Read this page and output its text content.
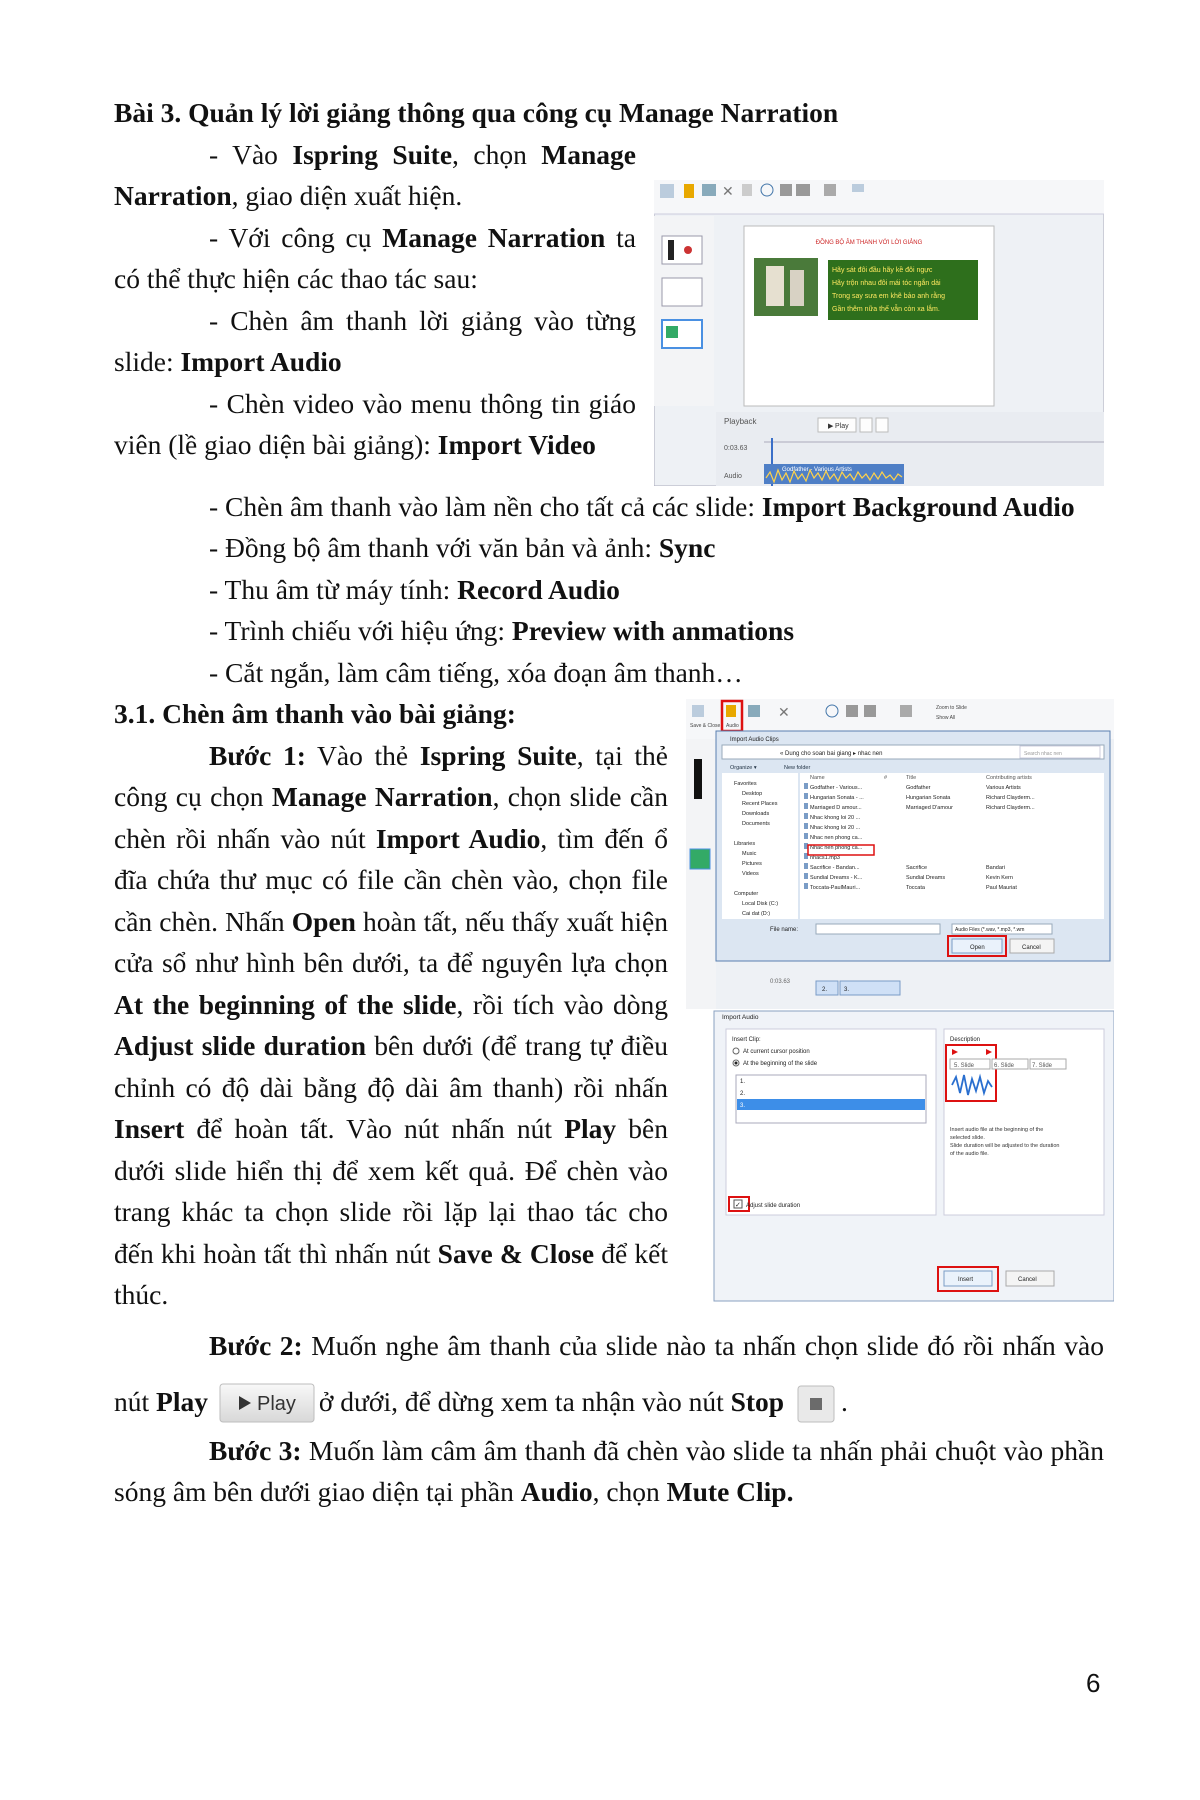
Bài 3. Quản lý lời giảng thông qua công cụ Manage Narration

✕
ĐỒNG BỘ ÂM THANH VỚI LỜI GIẢNG
Hãy sát đôi đầu hãy kề đôi ngực
Hãy trộn nhau đôi mái tóc ngắn dài
Trong say sưa em khẽ bảo anh rằng
Gần thêm nữa thế vẫn còn xa lắm.
Playback
▶ Play
0:03.63
Audio
Godfather - Various Artists

- Vào Ispring Suite, chọn Manage Narration, giao diện xuất hiện.

- Với công cụ Manage Narration ta có thể thực hiện các thao tác sau:

- Chèn âm thanh lời giảng vào từng slide: Import Audio

- Chèn video vào menu thông tin giáo viên (lề giao diện bài giảng): Import Video

- Chèn âm thanh vào làm nền cho tất cả các slide: Import Background Audio

- Đồng bộ âm thanh với văn bản và ảnh: Sync

- Thu âm từ máy tính: Record Audio

- Trình chiếu với hiệu ứng: Preview with anmations

- Cắt ngắn, làm câm tiếng, xóa đoạn âm thanh…

Audio
Save & Close
✕	Zoom to Slide
Show All
Import Audio Clips
« Dung cho soan bai giang ▸ nhac nen	Search nhac nen
Organize ▾	New folder
Favorites
Desktop
Recent Places
Downloads
Documents
Libraries
Music
Pictures
Videos
Computer
Local Disk (C:)
Cai dat (D:)
Name	#	Title	Contributing artists
Godfather - Various...	Godfather	Various Artists
Hungarian Sonata - ...	Hungarian Sonata	Richard Clayderm...
Marriaged D amour...	Marriaged D'amour	Richard Clayderm...
Nhac khong loi 20 ...
Nhac khong loi 20 ...
Nhac nen phong ca...
Nhac nen phong ca...
nhacs1.mp3
Sacrifice - Bandan...	Sacrifice	Bandari
Sundial Dreams - K...	Sundial Dreams	Kevin Kern
Toccata-PaulMauri...	Toccata	Paul Mauriat
File name:	Audio Files (*.wav, *.mp3, *.wm
Open	Cancel
0:03.63
2.	3.
Import Audio
Insert Clip:
At current cursor position
At the beginning of the slide
1.
2.
3.
Description
5. Slide	6. Slide	7. Slide
Insert audio file at the beginning of the
selected slide.
Slide duration will be adjusted to the duration
of the audio file.
✓ Adjust slide duration
Insert	Cancel

3.1. Chèn âm thanh vào bài giảng:

Bước 1: Vào thẻ Ispring Suite, tại thẻ công cụ chọn Manage Narration, chọn slide cần chèn rồi nhấn vào nút Import Audio, tìm đến ổ đĩa chứa thư mục có file cần chèn vào, chọn file cần chèn. Nhấn Open hoàn tất, nếu thấy xuất hiện cửa sổ như hình bên dưới, ta để nguyên lựa chọn At the beginning of the slide, rồi tích vào dòng Adjust slide duration bên dưới (để trang tự điều chỉnh có độ dài bằng độ dài âm thanh) rồi nhấn Insert để hoàn tất. Vào nút nhấn nút Play bên dưới slide hiển thị để xem kết quả. Để chèn vào trang khác ta chọn slide rồi lặp lại thao tác cho đến khi hoàn tất thì nhấn nút Save & Close để kết thúc.

Bước 2: Muốn nghe âm thanh của slide nào ta nhấn chọn slide đó rồi nhấn vào nút Play Play ở dưới, để dừng xem ta nhận vào nút Stop .

Bước 3: Muốn làm câm âm thanh đã chèn vào slide ta nhấn phải chuột vào phần sóng âm bên dưới giao diện tại phần Audio, chọn Mute Clip.

6
